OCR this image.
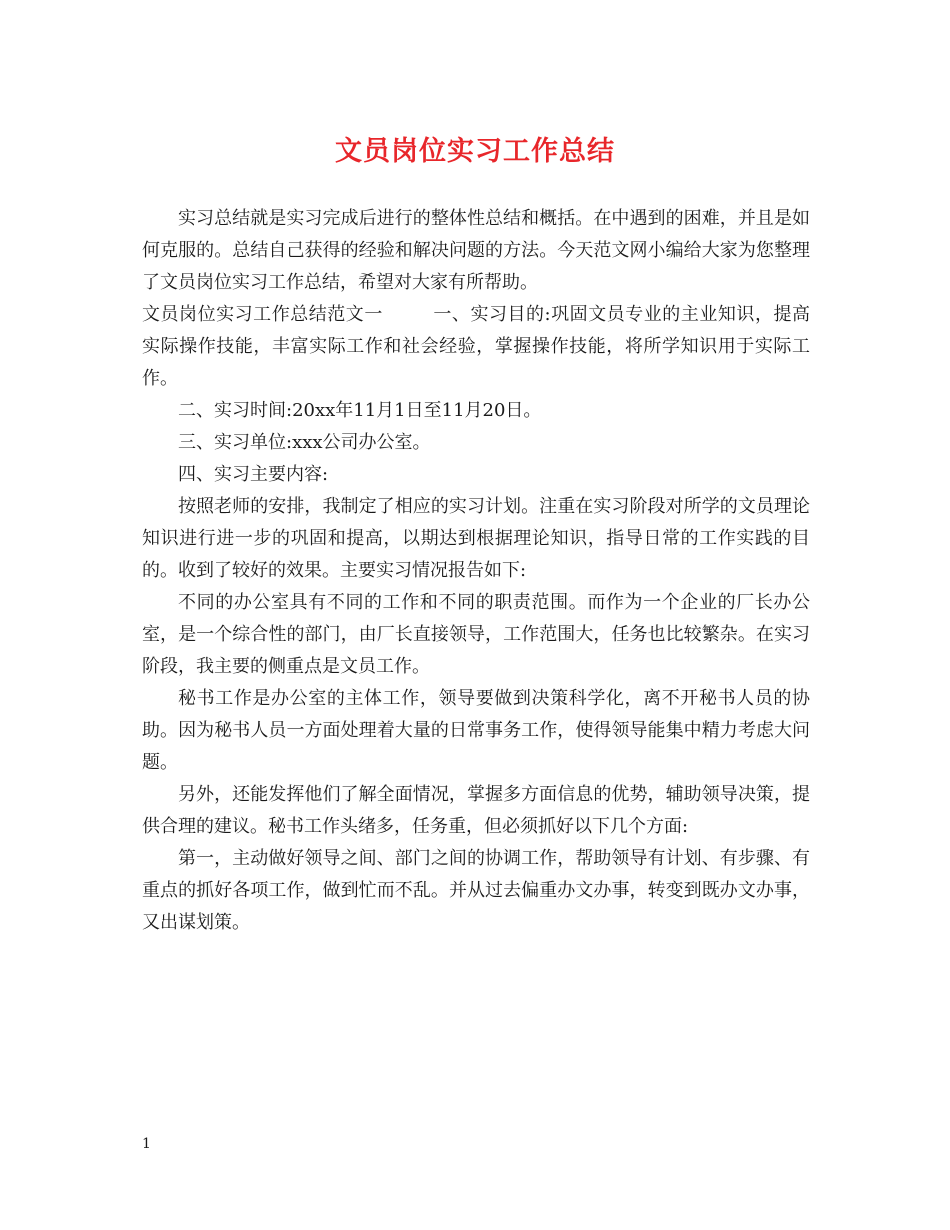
文员岗位实习工作总结

实习总结就是实习完成后进行的整体性总结和概括。在中遇到的困难，并且是如何克服的。总结自己获得的经验和解决问题的方法。今天范文网小编给大家为您整理了文员岗位实习工作总结，希望对大家有所帮助。

文员岗位实习工作总结范文一	一、实习目的:巩固文员专业的主业知识，提高实际操作技能，丰富实际工作和社会经验，掌握操作技能，将所学知识用于实际工作。

二、实习时间:20xx年11月1日至11月20日。

三、实习单位:xxx公司办公室。

四、实习主要内容:

按照老师的安排，我制定了相应的实习计划。注重在实习阶段对所学的文员理论知识进行进一步的巩固和提高，以期达到根据理论知识，指导日常的工作实践的目的。收到了较好的效果。主要实习情况报告如下:

不同的办公室具有不同的工作和不同的职责范围。而作为一个企业的厂长办公室，是一个综合性的部门，由厂长直接领导，工作范围大，任务也比较繁杂。在实习阶段，我主要的侧重点是文员工作。

秘书工作是办公室的主体工作，领导要做到决策科学化，离不开秘书人员的协助。因为秘书人员一方面处理着大量的日常事务工作，使得领导能集中精力考虑大问题。

另外，还能发挥他们了解全面情况，掌握多方面信息的优势，辅助领导决策，提供合理的建议。秘书工作头绪多，任务重，但必须抓好以下几个方面:

第一，主动做好领导之间、部门之间的协调工作，帮助领导有计划、有步骤、有重点的抓好各项工作，做到忙而不乱。并从过去偏重办文办事，转变到既办文办事，又出谋划策。

1
